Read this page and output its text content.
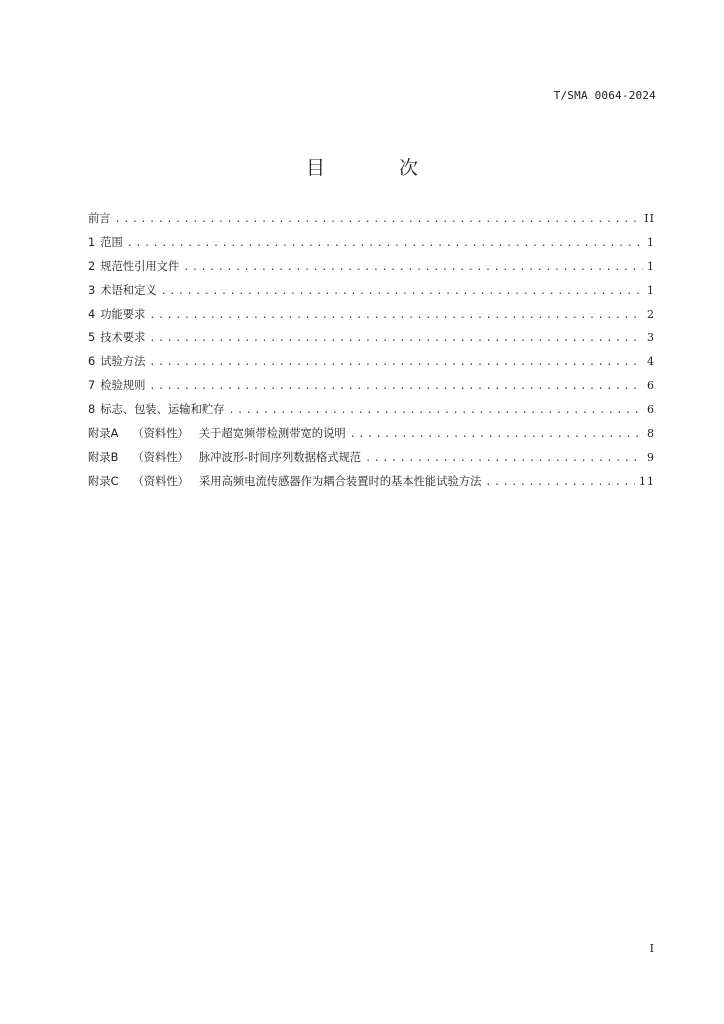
T/SMA 0064-2024
目 次
前言 .....	II
1 范围 .....	1
2 规范性引用文件 .....	1
3 术语和定义 .....	1
4 功能要求 .....	2
5 技术要求 .....	3
6 试验方法 .....	4
7 检验规则 .....	6
8 标志、包装、运输和贮存 .....	6
附录A （资料性） 关于超宽频带检测带宽的说明 .....	8
附录B （资料性） 脉冲波形-时间序列数据格式规范 .....	9
附录C （资料性） 采用高频电流传感器作为耦合装置时的基本性能试验方法 .....	11
I
